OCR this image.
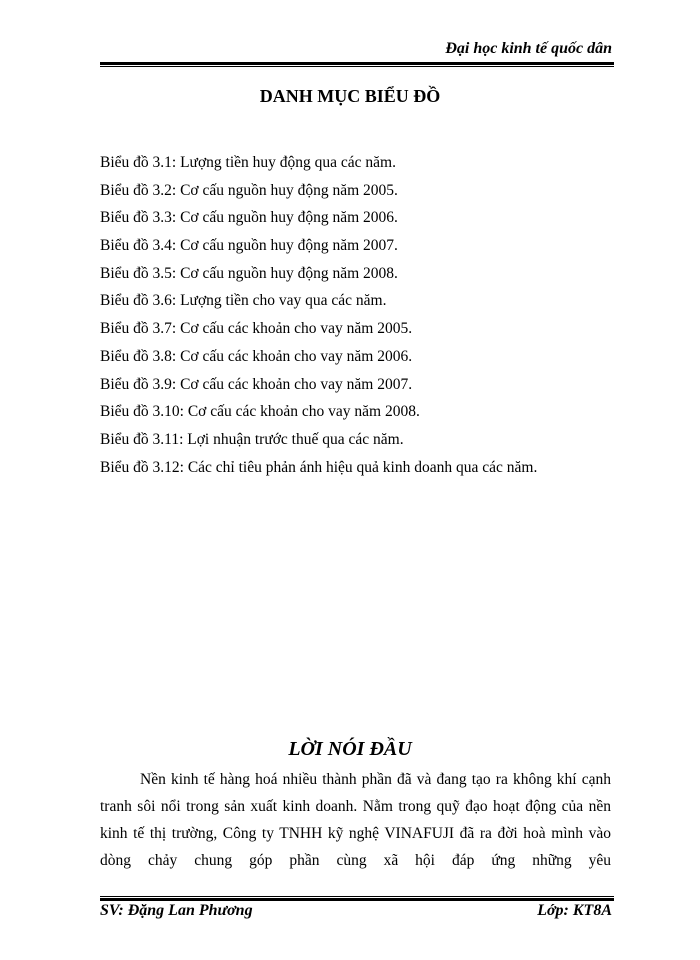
Đại học kinh tế quốc dân
DANH MỤC BIỂU ĐỒ
Biểu đồ 3.1: Lượng tiền huy động qua các năm.
Biểu đồ 3.2: Cơ cấu nguồn huy động năm 2005.
Biểu đồ 3.3: Cơ cấu nguồn huy động năm 2006.
Biểu đồ 3.4: Cơ cấu nguồn huy động năm 2007.
Biểu đồ 3.5: Cơ cấu nguồn huy động năm 2008.
Biểu đồ 3.6: Lượng tiền cho vay qua các năm.
Biểu đồ 3.7: Cơ cấu các khoản cho vay năm 2005.
Biểu đồ 3.8: Cơ cấu các khoản cho vay năm 2006.
Biểu đồ 3.9: Cơ cấu các khoản cho vay năm 2007.
Biểu đồ 3.10: Cơ cấu các khoản cho vay năm 2008.
Biểu đồ 3.11: Lợi nhuận trước thuế qua các năm.
Biểu đồ 3.12: Các chỉ tiêu phản ánh hiệu quả kinh doanh qua các năm.
LỜI NÓI ĐẦU

Nền kinh tế hàng hoá nhiều thành phần đã và đang tạo ra không khí cạnh tranh sôi nổi trong sản xuất kinh doanh. Nằm trong quỹ đạo hoạt động của nền kinh tế thị trường, Công ty TNHH kỹ nghệ VINAFUJI đã ra đời hoà mình vào dòng chảy chung góp phần cùng xã hội đáp ứng những yêu

SV: Đặng Lan Phương	Lớp: KT8A
